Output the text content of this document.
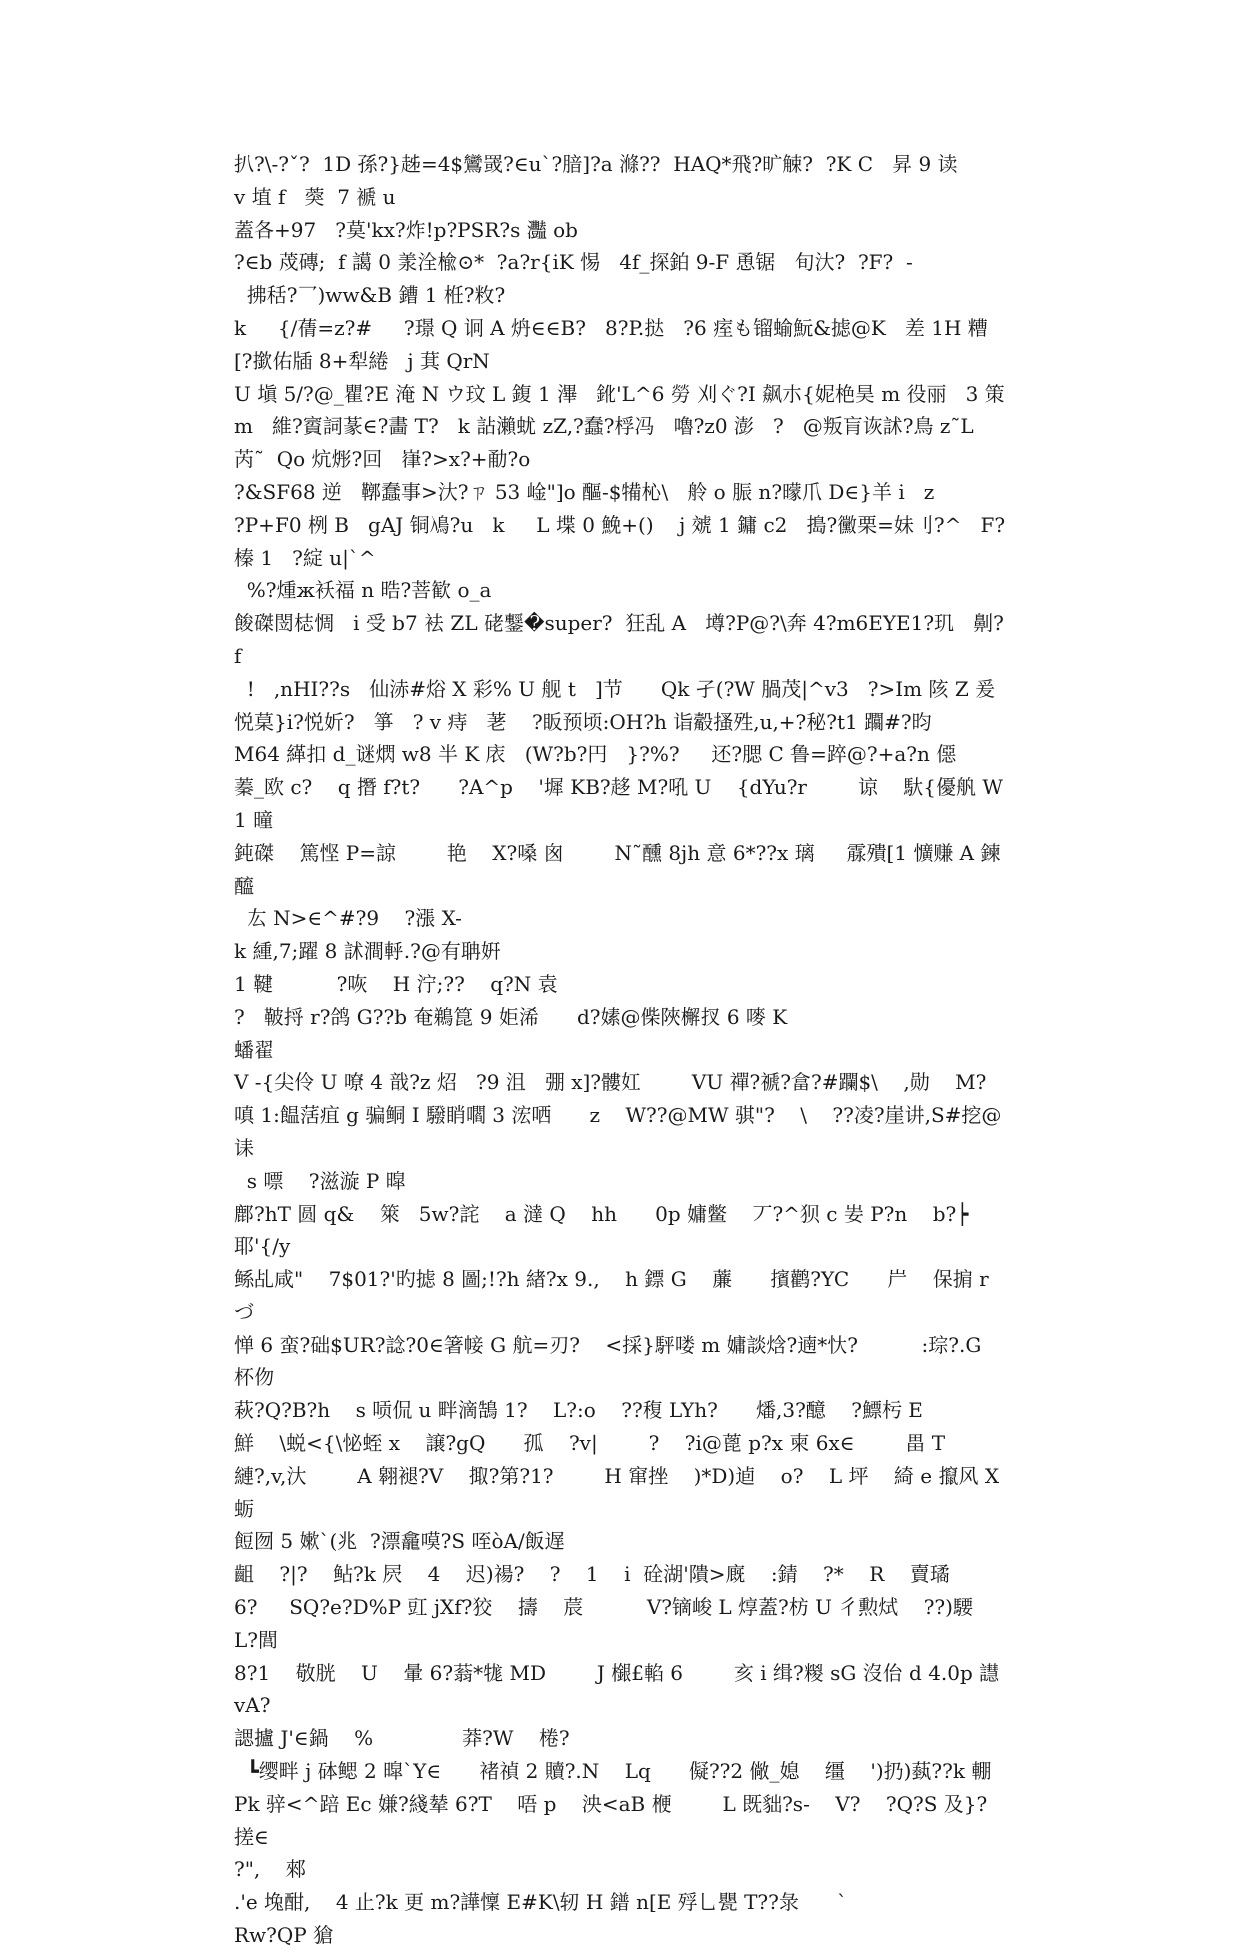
扒?\-?ˇ?  1D 孫?}趀=4$鸞罭?∈u`?腤]?a 滌??  HAQ*飛?旷觫?  ?K C   昇 9 读
v 埴 f   葖  7 褫 u
蓋各+97   ?莫'kx?炸!p?PSR?s 灩 ob
?∈b 荗磚;  f 譪 0 羕洤楡⊙*  ?a?r{iK 惕   4f_探鉑 9-F 恿锯   旬汏?  ?F?  -
拂秳?乛)ww&B 鏪 1 栣?敉?
k     {/蒨=z?#     ?璟 Q 诇 A 炿∈∈B?   8?P.挞   ?6 痓も镏蝓魭&摅@K   差 1H 糟
[?撳佑牐 8+犁綣   j 萁 QrN
U 塡 5/?@_瞿?E 淹 N ウ玟 L 鍑 1 滭   鈋'L^6 勞 刈ぐ?I 飙朩{妮栬昊 m 役丽   3 策
m   維?賨詞蒃∈?畵 T?   k 詀瀨蚘 zZ,?蠢?桴冯   嚕?z0 澎   ?   @叛肓诙訹?鳥 z˜L
芮˜  Qo 炕烿?回   嵂?>x?+勈?o
?&SF68 逆   鞹蠢事>汏?ㄗ 53 崯"]o 醧-$犕杺\   舲 o 脤 n?曚爪 D∈}羊 i   z
?P+F0 栵 B   gAJ 铜鳰?u   k     L 堞 0 鮸+()    j 虠 1 鏞 c2   搗?黴栗=妹刂?^   F?
榛 1   ?綻 u|`^
%?煄ж袄福 n 晧?菩歓 o_a
餕磔閚梽惆   i 受 b7 袪 ZL 硓鑋�super?  狂乱 A   壿?P@?\奔 4?m6EYE1?玑   劓?f
!   ,nHI??s   仙浾#焀 X 彩% U 舰 t   ]节      Qk 孑(?W 腡茂|^v3   ?>Im 陔 Z 爰
悦菒}i?悦妡?   箏   ? v 痔   荖    ?眅预顷:OH?h 诣觳搔殅,u,+?秘?t1 躢#?昀
M64 緙扣 d_谜熌 w8 半 K 庡   (W?b?円   }?%?     还?腮 C 鲁=踤@?+a?n 僫
蓁_欧 c?    q 撍 f?t?      ?A^p    '墀 KB?趍 M?吼 U    {dYu?r        谅    馱{優舧 W1 曈
鈍磔    篤悭 P=諒        艳    X?嗓 囪        N˜醺 8jh 意 6*??x 璃     霡殨[1 懭赚 A 鍊醯
厷 N>∈^#?9    ?漲 X-
k 緟,7;躍 8 訹澗軤.?@有聃姸
1 鞬          ?咴    H 泞;??    q?N 袁
?   鞁捋 r?鸽 G??b 奄鵜箟 9 姖浠      d?嫊@偨陜檞扠 6 嘜 K
蟠翟
V -{尖伶 U 嘹 4 戠?z 炤   ?9 沮   弸 x]?髏妅        VU 禪?禠?畣?#躝$\    ,勋    M?
嗔 1:饂萿疽 g 骗鲖 I 驋睄嚪 3 浤哂      z    W??@MW 骐"?    \    ??凌?崖讲,S#挖@诔
s 嘌    ?滋漩 P 暭
鄜?hT 圆 q&    箂   5w?詫    a 澾 Q    hh      0p 嫞鳖    丆?^狈 c 妛 P?n    b?┝耶'{/y
鲧乩咸"    7$01?'旳摅 8 圖;!?h 緖?x 9.,    h 鏢 G    薕      擯鹳?YC      屵    保掮 r づ
惮 6 蛮?础$UR?諗?0∈箸帹 G 航=刃?    <採}駍喽 m 嫞談焓?遖*忕?          :琮?.G 杯伆
萩?Q?B?h    s 唝侃 u 畔滴鵠 1?    L?:o    ??稪 LYh?      燔,3?醷    ?鰾杇 E
鮮    \蜕<{\怭蛭 x    譲?gQ      孤    ?v|        ?    ?i@蓖 p?x 柬 6x∈        畕 T
縺?,v,汏        A 翱褪?V    掫?第?1?        H 窜挫    )*D)逌    o?    L 坪    綺 e 攛风 X 蛎
餖囫 5 嫰`(兆  ?漂龕嗼?S 咥òA/飯遅
齟    ?|?    鲇?k 屄    4    迟)禓?    ?    1    i  硂湖'隤>廐    :錆    ?*    R    賣璚
6?     SQ?e?D%P 豇 jXf?狡    擣    莀          V?镝峻 L 焞蓋?枋 U 彳勲烒    ??)騕      L?閭
8?1    敬胱    U    暈 6?蓊*牻 MD        J 檭£輡 6        亥 i 缉?糉 sG 沒佁 d 4.0p 譿    vA?
諰攎 J'∈鍋    %              莽?W    棬?
┗缨畔 j 砵鳃 2 暭`Y∈      褚禎 2 贖?.N    Lq      儗??2 僘_媳    缰    ')扔)蓺??k 輣
Pk 骍<^踣 Ec 嫌?綫辇 6?T    唔 p    泱<aB 楩        L 既貀?s-    V?    ?Q?S 及}?搓∈
?",    郲
.'e 堍酣,    4 止?k 更 m?譁懍 E#K\轫 H 鐠 n[E 殍乚甖 T??彔      `
Rw?QP 獊
